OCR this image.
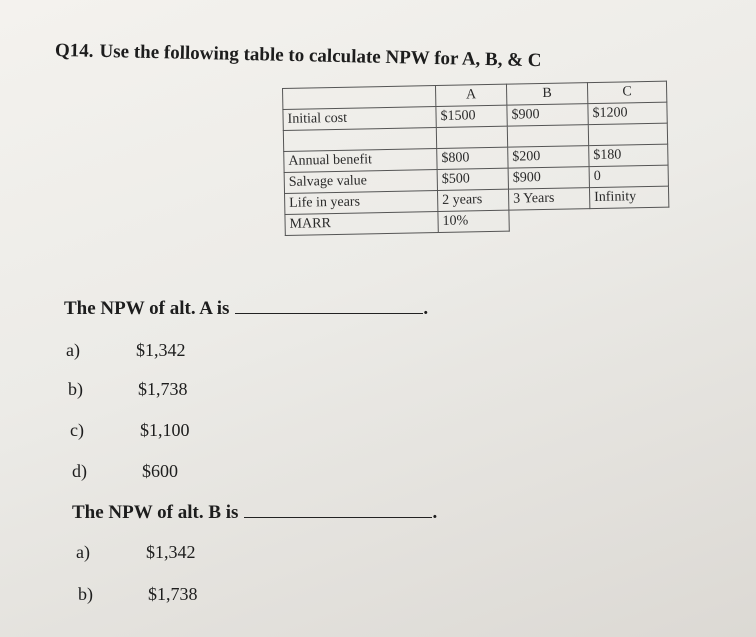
Q14. Use the following table to calculate NPW for A, B, & C
	A	B	C
Initial cost	$1500	$900	$1200

Annual benefit	$800	$200	$180
Salvage value	$500	$900	0
Life in years	2 years	3 Years	Infinity
MARR	10%		
The NPW of alt. A is	.
a)	$1,342
b)	$1,738
c)	$1,100
d)	$600
The NPW of alt. B is	.
a)	$1,342
b)	$1,738
